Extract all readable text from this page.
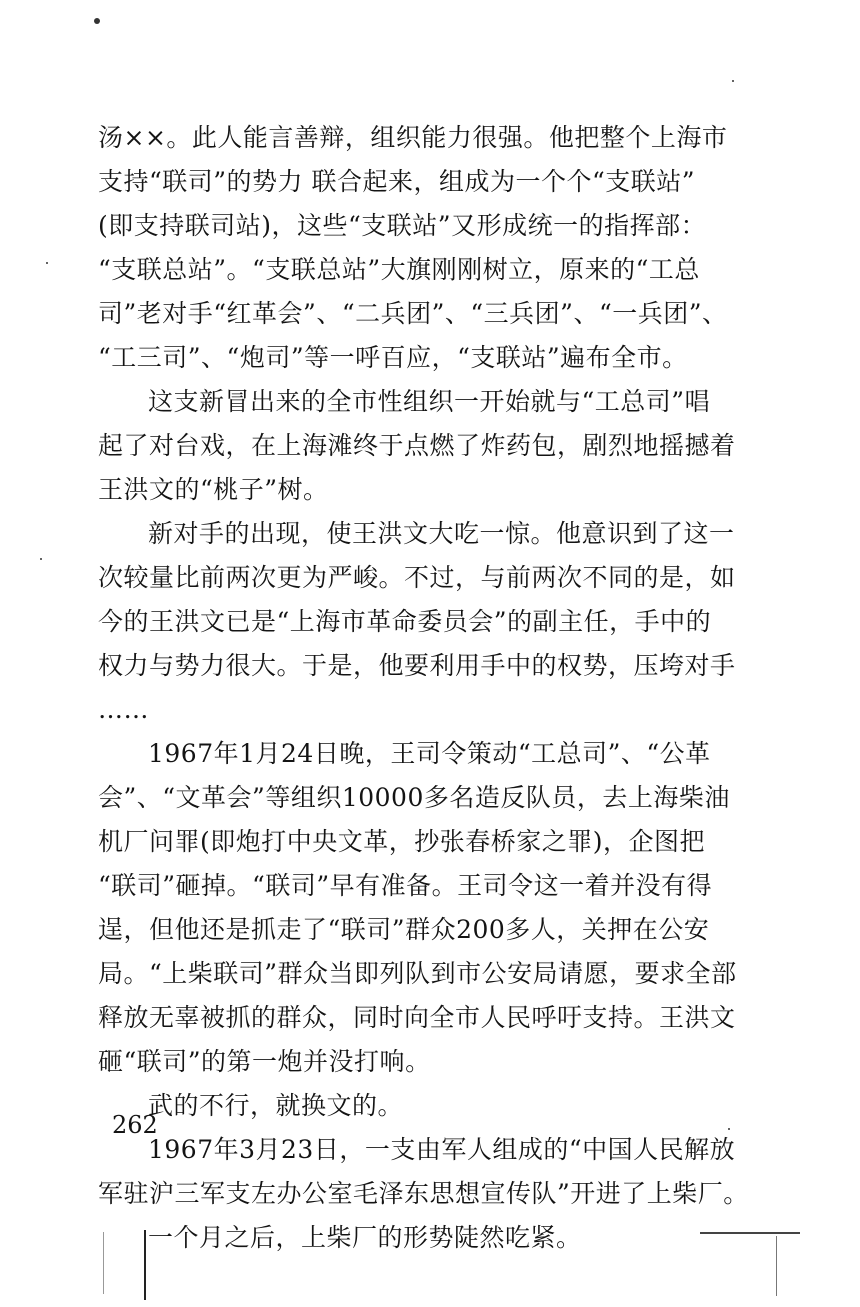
汤××。此人能言善辩，组织能力很强。他把整个上海市
支持“联司”的势力 联合起来，组成为一个个“支联站”
(即支持联司站)，这些“支联站”又形成统一的指挥部：
“支联总站”。“支联总站”大旗刚刚树立，原来的“工总
司”老对手“红革会”、“二兵团”、“三兵团”、“一兵团”、
“工三司”、“炮司”等一呼百应，“支联站”遍布全市。
这支新冒出来的全市性组织一开始就与“工总司”唱
起了对台戏，在上海滩终于点燃了炸药包，剧烈地摇撼着
王洪文的“桃子”树。
新对手的出现，使王洪文大吃一惊。他意识到了这一
次较量比前两次更为严峻。不过，与前两次不同的是，如
今的王洪文已是“上海市革命委员会”的副主任，手中的
权力与势力很大。于是，他要利用手中的权势，压垮对手
……
1967年1月24日晚，王司令策动“工总司”、“公革
会”、“文革会”等组织10000多名造反队员，去上海柴油
机厂问罪(即炮打中央文革，抄张春桥家之罪)，企图把
“联司”砸掉。“联司”早有准备。王司令这一着并没有得
逞，但他还是抓走了“联司”群众200多人，关押在公安
局。“上柴联司”群众当即列队到市公安局请愿，要求全部
释放无辜被抓的群众，同时向全市人民呼吁支持。王洪文
砸“联司”的第一炮并没打响。
武的不行，就换文的。
1967年3月23日，一支由军人组成的“中国人民解放
军驻沪三军支左办公室毛泽东思想宣传队”开进了上柴厂。
一个月之后，上柴厂的形势陡然吃紧。
262
